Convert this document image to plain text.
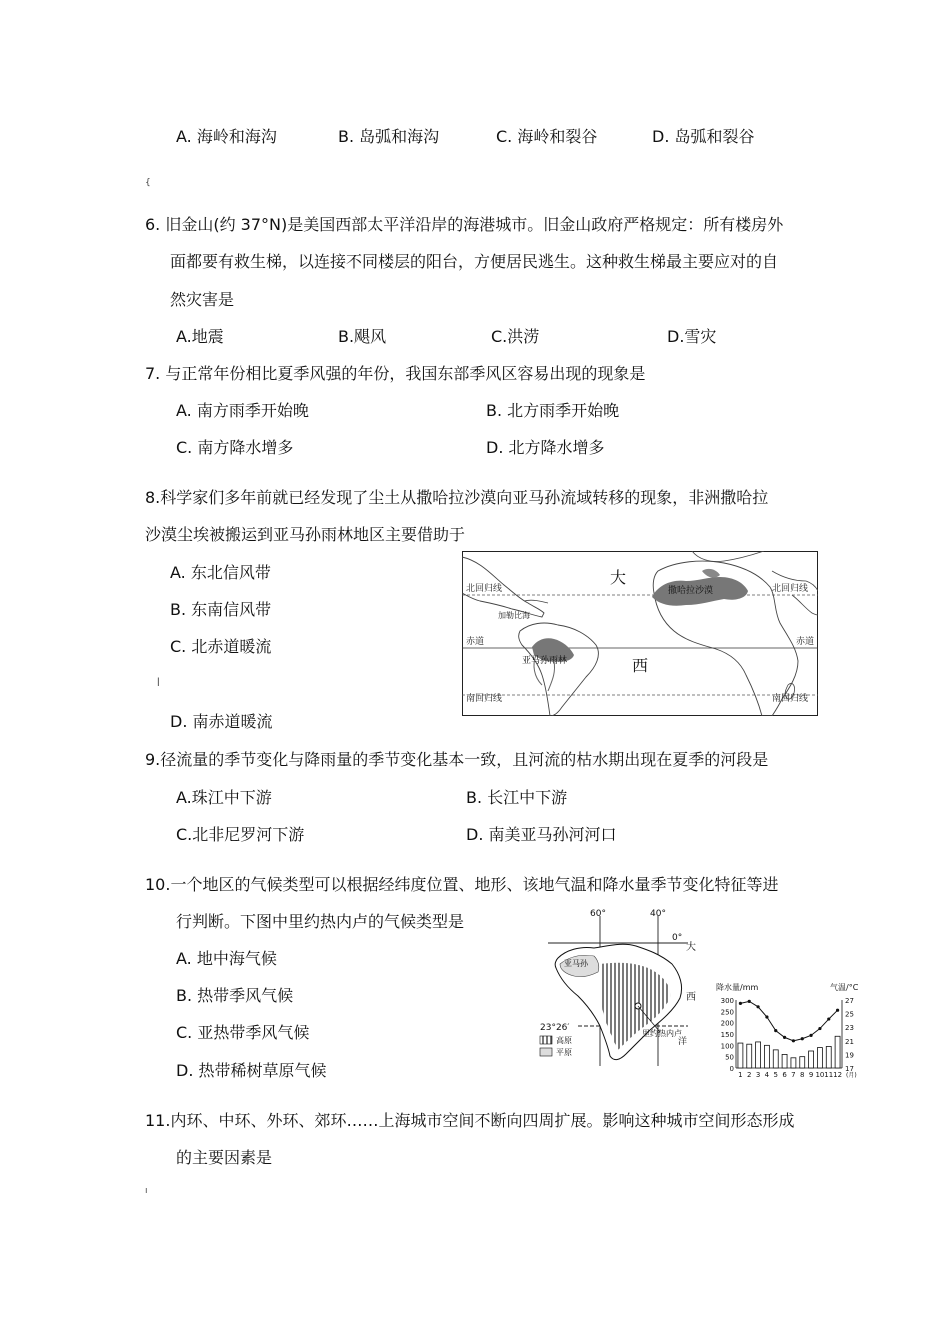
A. 海岭和海沟	B. 岛弧和海沟	C. 海岭和裂谷	D. 岛弧和裂谷
{
6. 旧金山(约 37°N)是美国西部太平洋沿岸的海港城市。旧金山政府严格规定：所有楼房外
面都要有救生梯，以连接不同楼层的阳台，方便居民逃生。这种救生梯最主要应对的自
然灾害是
A.地震	B.飓风	C.洪涝	D.雪灾
7. 与正常年份相比夏季风强的年份，我国东部季风区容易出现的现象是
A. 南方雨季开始晚	B. 北方雨季开始晚
C. 南方降水增多	D. 北方降水增多
8.科学家们多年前就已经发现了尘土从撒哈拉沙漠向亚马孙流域转移的现象，非洲撒哈拉
沙漠尘埃被搬运到亚马孙雨林地区主要借助于
A. 东北信风带
B. 东南信风带
C. 北赤道暖流
ǀ
D. 南赤道暖流
北回归线	北回归线
赤道	赤道
南回归线	南回归线
大
西
撒哈拉沙漠
加勒比海
亚马孙雨林
9.径流量的季节变化与降雨量的季节变化基本一致，且河流的枯水期出现在夏季的河段是
A.珠江中下游	B. 长江中下游
C.北非尼罗河下游	D. 南美亚马孙河河口
10.一个地区的气候类型可以根据经纬度位置、地形、该地气温和降水量季节变化特征等进
行判断。下图中里约热内卢的气候类型是
A. 地中海气候
B. 热带季风气候
C. 亚热带季风气候
D. 热带稀树草原气候
60°	40°
0°
大
西
洋
亚马孙
里约热内卢
23°26′
高原
平原
降水量/mm	气温/°C
300
250
200
150
100
50
0
27
25
23
21
19
17
1 2 3 4 5 6 7 8 9 10 11 12 (月)
11.内环、中环、外环、郊环……上海城市空间不断向四周扩展。影响这种城市空间形态形成
的主要因素是
ı
